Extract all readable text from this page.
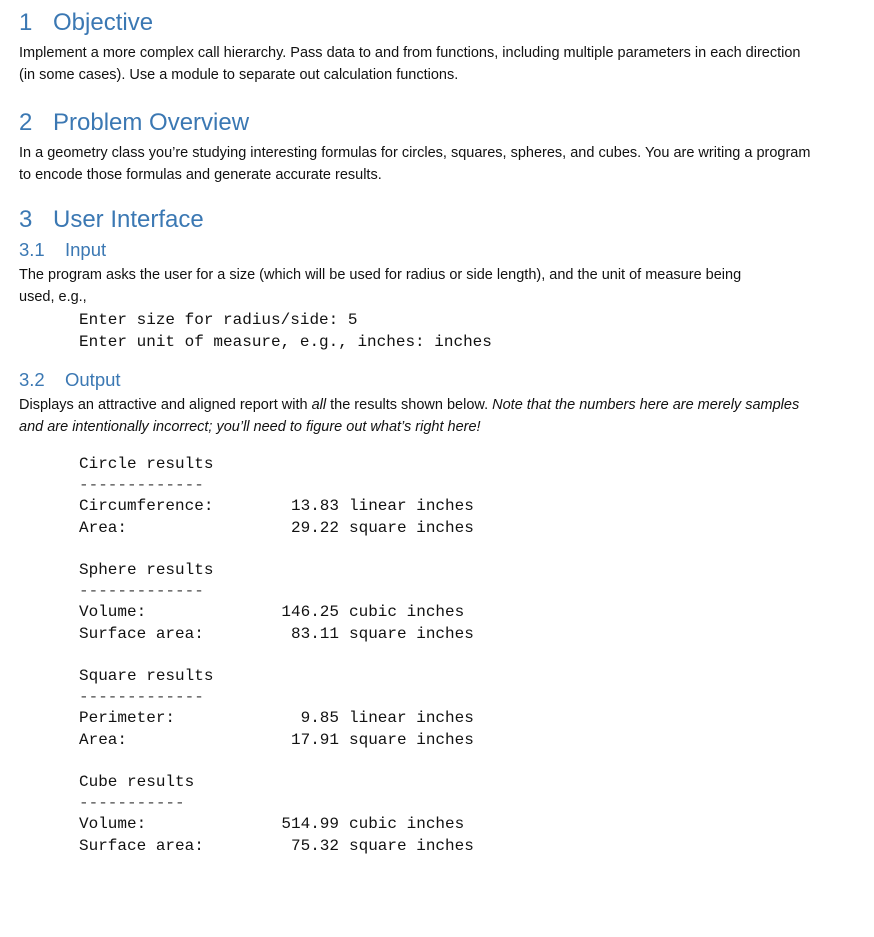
1 Objective

Implement a more complex call hierarchy. Pass data to and from functions, including multiple parameters in each direction (in some cases). Use a module to separate out calculation functions.

2 Problem Overview

In a geometry class you’re studying interesting formulas for circles, squares, spheres, and cubes. You are writing a program to encode those formulas and generate accurate results.

3 User Interface
3.1 Input

The program asks the user for a size (which will be used for radius or side length), and the unit of measure being used, e.g.,

Enter size for radius/side: 5
Enter unit of measure, e.g., inches: inches
3.2 Output

Displays an attractive and aligned report with all the results shown below. Note that the numbers here are merely samples and are intentionally incorrect; you’ll need to figure out what’s right here!

Circle results
-------------
Circumference:	13.83 linear inches
Area:	29.22 square inches
Sphere results
-------------
Volume:	146.25 cubic inches
Surface area:	83.11 square inches
Square results
-------------
Perimeter:	9.85 linear inches
Area:	17.91 square inches
Cube results
-----------
Volume:	514.99 cubic inches
Surface area:	75.32 square inches
